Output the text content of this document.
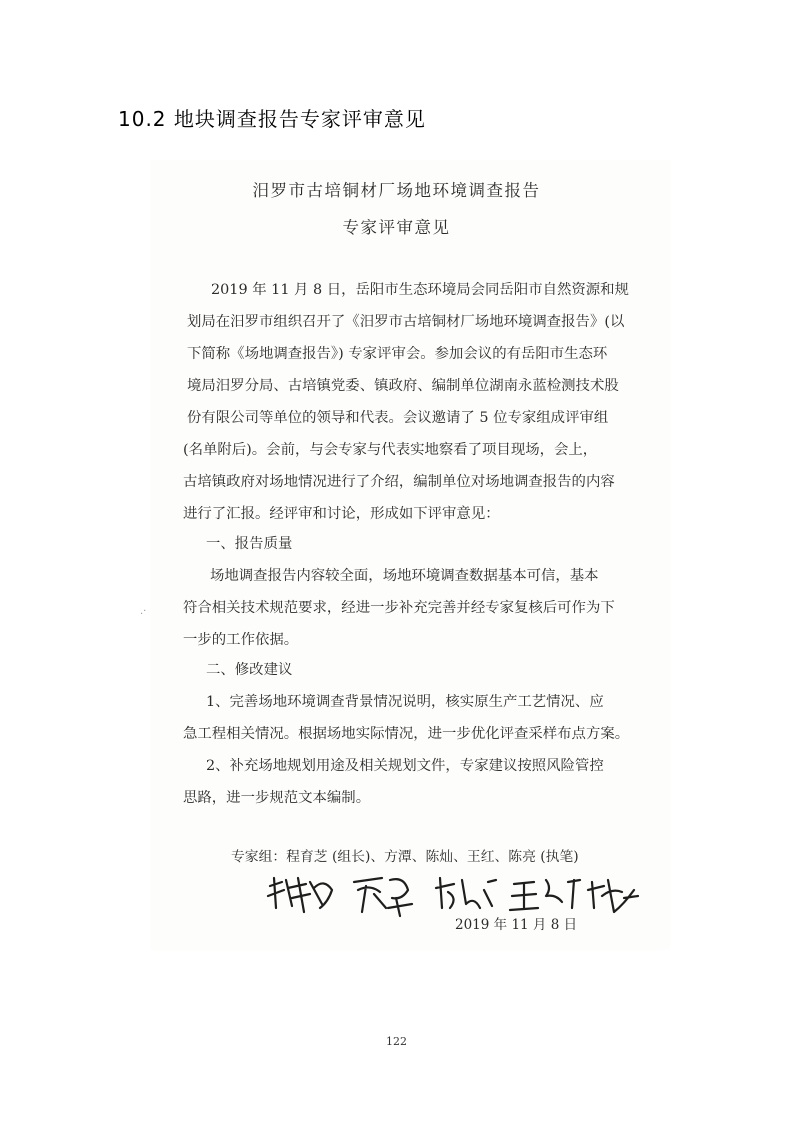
10.2 地块调查报告专家评审意见
汨罗市古培铜材厂场地环境调查报告
专家评审意见
2019 年 11 月 8 日，岳阳市生态环境局会同岳阳市自然资源和规
划局在汨罗市组织召开了《汨罗市古培铜材厂场地环境调查报告》(以
下简称《场地调查报告》) 专家评审会。参加会议的有岳阳市生态环
境局汨罗分局、古培镇党委、镇政府、编制单位湖南永蓝检测技术股
份有限公司等单位的领导和代表。会议邀请了 5 位专家组成评审组
(名单附后)。会前，与会专家与代表实地察看了项目现场，会上，
古培镇政府对场地情况进行了介绍，编制单位对场地调查报告的内容
进行了汇报。经评审和讨论，形成如下评审意见：
一、报告质量
场地调查报告内容较全面，场地环境调查数据基本可信，基本
符合相关技术规范要求，经进一步补充完善并经专家复核后可作为下
一步的工作依据。
二、修改建议
1、完善场地环境调查背景情况说明，核实原生产工艺情况、应
急工程相关情况。根据场地实际情况，进一步优化评查采样布点方案。
2、补充场地规划用途及相关规划文件，专家建议按照风险管控
思路，进一步规范文本编制。
.·
专家组：程育芝 (组长)、方潭、陈灿、王红、陈亮 (执笔)
2019 年 11 月 8 日
122
